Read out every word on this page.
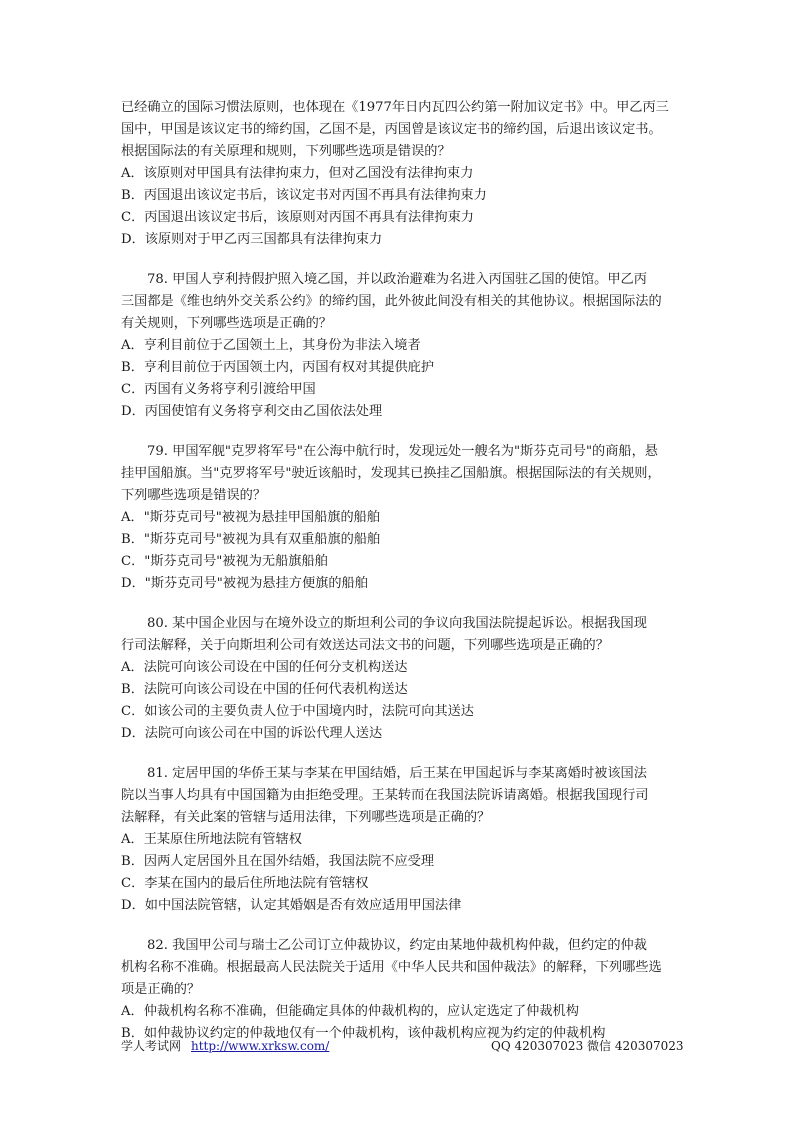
已经确立的国际习惯法原则，也体现在《1977年日内瓦四公约第一附加议定书》中。甲乙丙三
国中，甲国是该议定书的缔约国，乙国不是，丙国曾是该议定书的缔约国，后退出该议定书。
根据国际法的有关原理和规则，下列哪些选项是错误的？

A．该原则对甲国具有法律拘束力，但对乙国没有法律拘束力
B．丙国退出该议定书后，该议定书对丙国不再具有法律拘束力
C．丙国退出该议定书后，该原则对丙国不再具有法律拘束力
D．该原则对于甲乙丙三国都具有法律拘束力

78. 甲国人亨利持假护照入境乙国，并以政治避难为名进入丙国驻乙国的使馆。甲乙丙
三国都是《维也纳外交关系公约》的缔约国，此外彼此间没有相关的其他协议。根据国际法的
有关规则，下列哪些选项是正确的？

A．亨利目前位于乙国领土上，其身份为非法入境者
B．亨利目前位于丙国领土内，丙国有权对其提供庇护
C．丙国有义务将亨利引渡给甲国
D．丙国使馆有义务将亨利交由乙国依法处理

79. 甲国军舰"克罗将军号"在公海中航行时，发现远处一艘名为"斯芬克司号"的商船，悬
挂甲国船旗。当"克罗将军号"驶近该船时，发现其已换挂乙国船旗。根据国际法的有关规则，
下列哪些选项是错误的？

A．"斯芬克司号"被视为悬挂甲国船旗的船舶
B．"斯芬克司号"被视为具有双重船旗的船舶
C．"斯芬克司号"被视为无船旗船舶
D．"斯芬克司号"被视为悬挂方便旗的船舶

80. 某中国企业因与在境外设立的斯坦利公司的争议向我国法院提起诉讼。根据我国现
行司法解释，关于向斯坦利公司有效送达司法文书的问题，下列哪些选项是正确的？

A．法院可向该公司设在中国的任何分支机构送达
B．法院可向该公司设在中国的任何代表机构送达
C．如该公司的主要负责人位于中国境内时，法院可向其送达
D．法院可向该公司在中国的诉讼代理人送达

81. 定居甲国的华侨王某与李某在甲国结婚，后王某在甲国起诉与李某离婚时被该国法
院以当事人均具有中国国籍为由拒绝受理。王某转而在我国法院诉请离婚。根据我国现行司
法解释，有关此案的管辖与适用法律，下列哪些选项是正确的？

A．王某原住所地法院有管辖权
B．因两人定居国外且在国外结婚，我国法院不应受理
C．李某在国内的最后住所地法院有管辖权
D．如中国法院管辖，认定其婚姻是否有效应适用甲国法律

82. 我国甲公司与瑞士乙公司订立仲裁协议，约定由某地仲裁机构仲裁，但约定的仲裁
机构名称不准确。根据最高人民法院关于适用《中华人民共和国仲裁法》的解释，下列哪些选
项是正确的？

A．仲裁机构名称不准确，但能确定具体的仲裁机构的，应认定选定了仲裁机构
B．如仲裁协议约定的仲裁地仅有一个仲裁机构，该仲裁机构应视为约定的仲裁机构
学人考试网 http://www.xrksw.com/	QQ 420307023 微信 420307023
